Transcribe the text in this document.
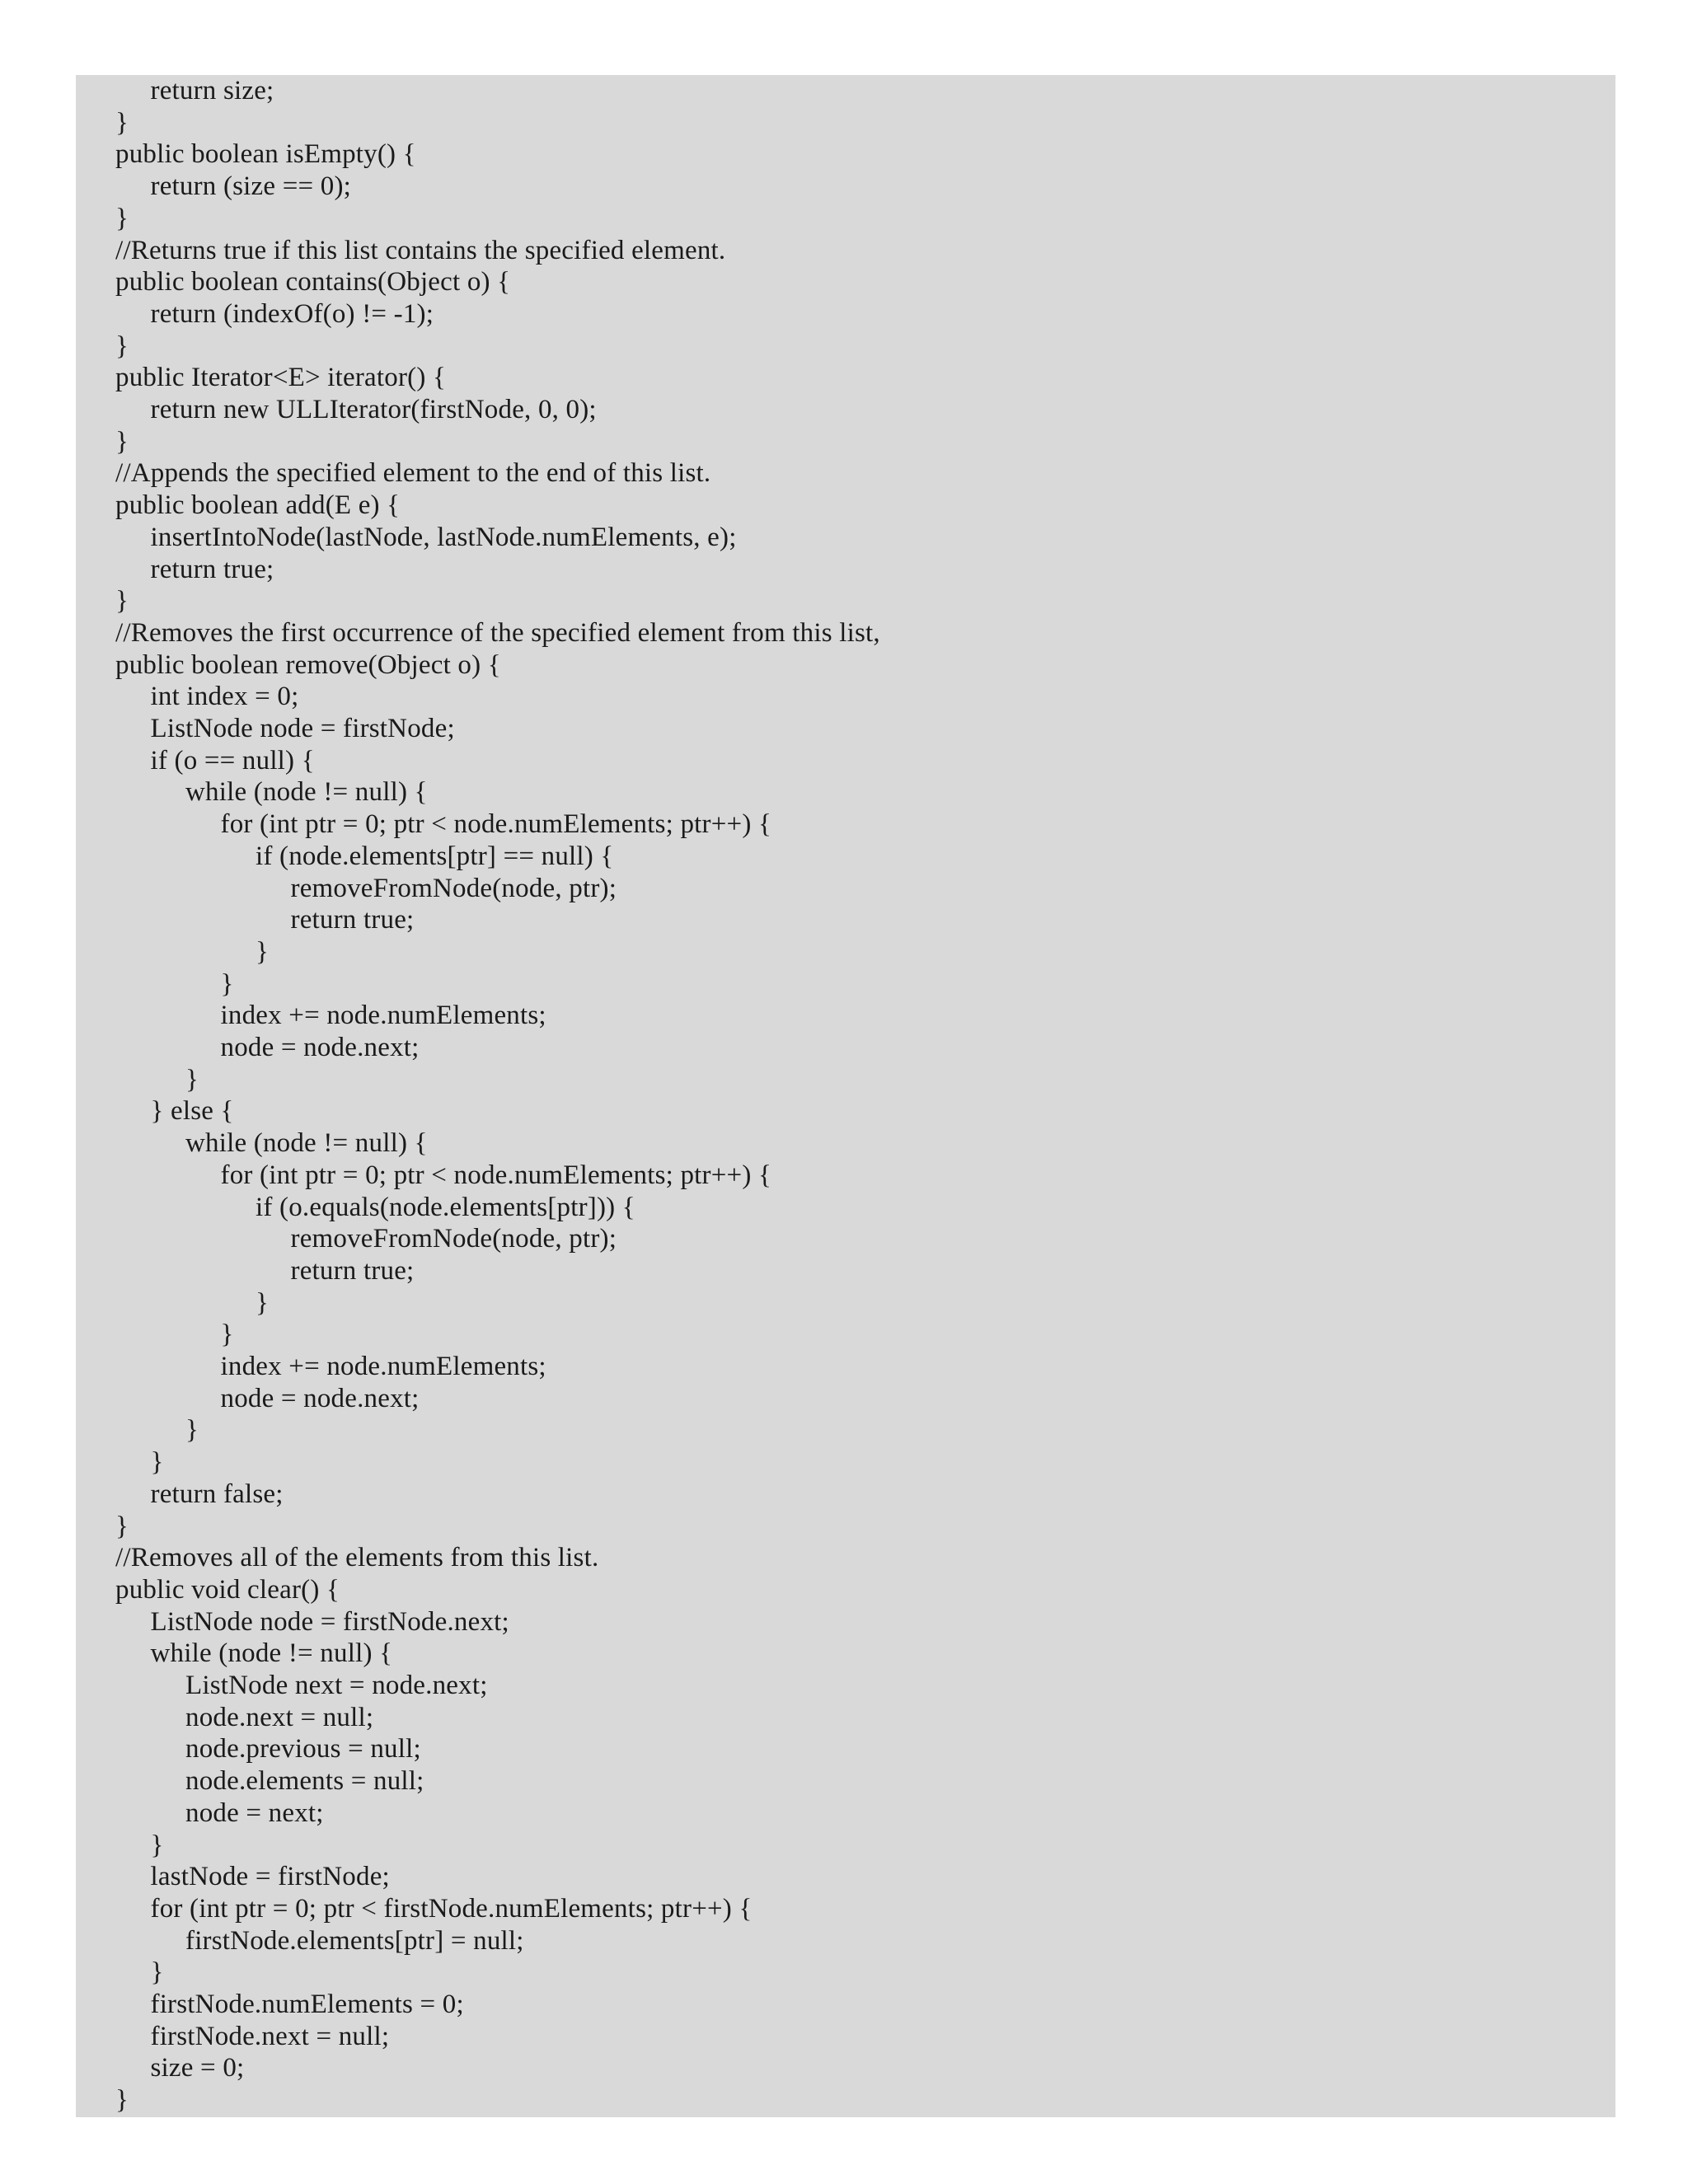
return size;
}
public boolean isEmpty() {
return (size == 0);
}
//Returns true if this list contains the specified element.
public boolean contains(Object o) {
return (indexOf(o) != -1);
}
public Iterator<E> iterator() {
return new ULLIterator(firstNode, 0, 0);
}
//Appends the specified element to the end of this list.
public boolean add(E e) {
insertIntoNode(lastNode, lastNode.numElements, e);
return true;
}
//Removes the first occurrence of the specified element from this list,
public boolean remove(Object o) {
int index = 0;
ListNode node = firstNode;
if (o == null) {
while (node != null) {
for (int ptr = 0; ptr < node.numElements; ptr++) {
if (node.elements[ptr] == null) {
removeFromNode(node, ptr);
return true;
}
}
index += node.numElements;
node = node.next;
}
} else {
while (node != null) {
for (int ptr = 0; ptr < node.numElements; ptr++) {
if (o.equals(node.elements[ptr])) {
removeFromNode(node, ptr);
return true;
}
}
index += node.numElements;
node = node.next;
}
}
return false;
}
//Removes all of the elements from this list.
public void clear() {
ListNode node = firstNode.next;
while (node != null) {
ListNode next = node.next;
node.next = null;
node.previous = null;
node.elements = null;
node = next;
}
lastNode = firstNode;
for (int ptr = 0; ptr < firstNode.numElements; ptr++) {
firstNode.elements[ptr] = null;
}
firstNode.numElements = 0;
firstNode.next = null;
size = 0;
}
